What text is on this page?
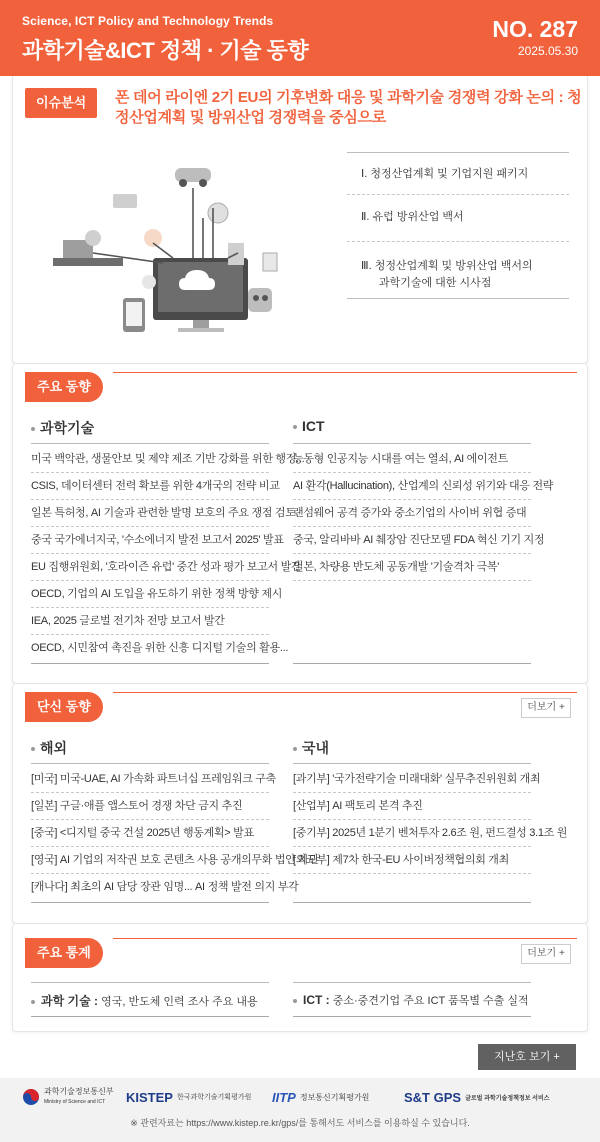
Science, ICT Policy and Technology Trends
과학기술&ICT 정책 · 기술 동향
NO. 287
2025.05.30
이슈분석	폰 데어 라이엔 2기 EU의 기후변화 대응 및 과학기술 경쟁력 강화 논의 : 청정산업계획 및 방위산업 경쟁력을 중심으로
Ⅰ. 청정산업계획 및 기업지원 패키지
Ⅱ. 유럽 방위산업 백서
Ⅲ. 청정산업계획 및 방위산업 백서의
과학기술에 대한 시사점
주요 동향
과학기술
미국 백악관, 생물안보 및 제약 제조 기반 강화를 위한 행정...
CSIS, 데이터센터 전력 확보를 위한 4개국의 전략 비교
일본 특허청, AI 기술과 관련한 발명 보호의 주요 쟁점 검토
중국 국가에너지국, '수소에너지 발전 보고서 2025' 발표
EU 집행위원회, '호라이즌 유럽' 중간 성과 평가 보고서 발간
OECD, 기업의 AI 도입을 유도하기 위한 정책 방향 제시
IEA, 2025 글로벌 전기차 전망 보고서 발간
OECD, 시민참여 촉진을 위한 신흥 디지털 기술의 활용...
ICT
능동형 인공지능 시대를 여는 열쇠, AI 에이전트
AI 환각(Hallucination), 산업계의 신뢰성 위기와 대응 전략
랜섬웨어 공격 증가와 중소기업의 사이버 위협 증대
중국, 알리바바 AI 췌장암 진단모델 FDA 혁신 기기 지정
일본, 차량용 반도체 공동개발 '기술격차 극복'
단신 동향	더보기 +
해외
[미국] 미국-UAE, AI 가속화 파트너십 프레임워크 구축
[일본] 구글·애플 앱스토어 경쟁 차단 금지 추진
[중국] <디지털 중국 건설 2025년 행동계획> 발표
[영국] AI 기업의 저작권 보호 콘텐츠 사용 공개의무화 법안 차단
[캐나다] 최초의 AI 담당 장관 임명... AI 정책 발전 의지 부각
국내
[과기부] '국가전략기술 미래대화' 실무추진위원회 개최
[산업부] AI 팩토리 본격 추진
[중기부] 2025년 1분기 벤처투자 2.6조 원, 펀드결성 3.1조 원
[외교부] 제7차 한국-EU 사이버정책협의회 개최
주요 통계	더보기 +
과학 기술 : 영국, 반도체 인력 조사 주요 내용	ICT : 중소·중견기업 주요 ICT 품목별 수출 실적
지난호 보기 +
과학기술정보통신부
Ministry of Science and ICT	KISTEP 한국과학기술기획평가원 IITP 정보통신기획평가원	S&T GPS 글로벌 과학기술정책정보 서비스
※ 관련자료는 https://www.kistep.re.kr/gps/를 통해서도 서비스를 이용하실 수 있습니다.
